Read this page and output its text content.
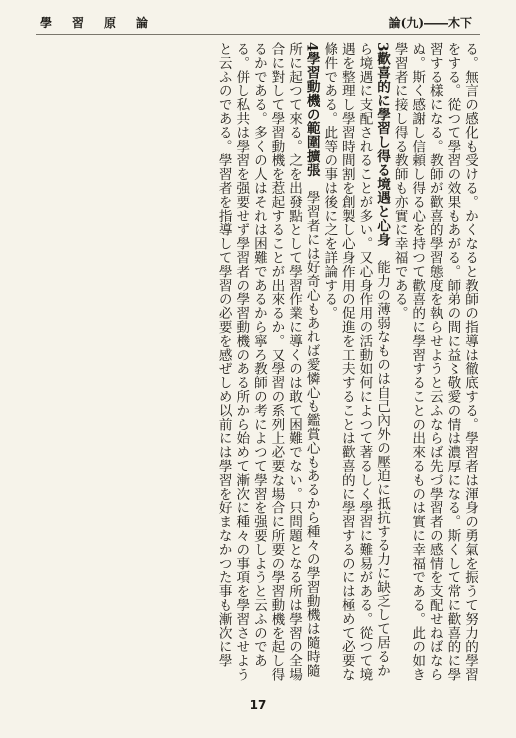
學習原論	論(九)――木下

る。無言の感化も受ける。かくなると教師の指導は徹底する。學習者は渾身の勇氣を振うて努力的學習をする。從つて學習の效果もあがる。師弟の間に益〻敬愛の情は濃厚になる。斯くして常に歡喜的に學習する樣になる。教師が歡喜的學習態度を執らせようと云ふならば先づ學習者の感情を支配せねばならぬ。斯く感謝し信頼し得る心を持つて歡喜的に學習することの出來るものは實に幸福である。此の如き學習者に接し得る教師も亦實に幸福である。

3歡喜的に學習し得る境遇と心身　能力の薄弱なものは自己內外の壓迫に抵抗する力に缺乏して居るから境遇に支配されることが多い。又心身作用の活動如何によつて著るしく學習に難易がある。從つて境遇を整理し學習時間割を創製し心身作用の促進を工夫することは歡喜的に學習するのには極めて必要な條件である。此等の事は後に之を詳論する。

4學習動機の範圍擴張　學習者には好奇心もあれば愛憐心も鑑賞心もあるから種々の學習動機は隨時隨所に起つて來る。之を出發點として學習作業に導くのは敢て困難でない。只問題となる所は學習の全場合に對して學習動機を惹起することが出來るか。又學習の系列上必要な場合に所要の學習動機を起し得るかである。多くの人はそれは困難であるから寧ろ教師の考によつて學習を强要しようと云ふのである。併し私共は學習を强要せず學習者の學習動機のある所から始めて漸次に種々の事項を學習させようと云ふのである。學習者を指導して學習の必要を感ぜしめ以前には學習を好まなかつた事も漸次に學

17
